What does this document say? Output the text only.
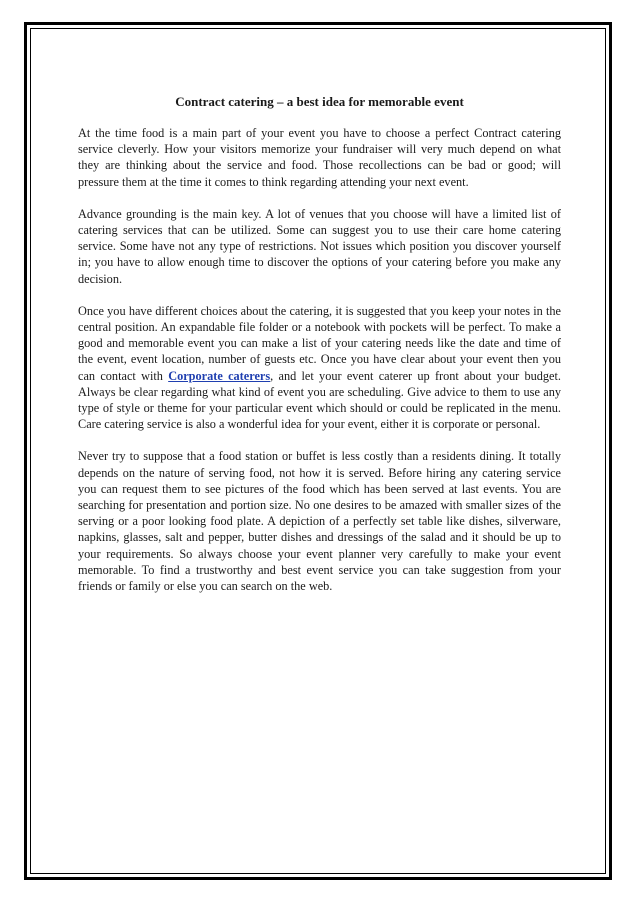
Contract catering – a best idea for memorable event

At the time food is a main part of your event you have to choose a perfect Contract catering service cleverly. How your visitors memorize your fundraiser will very much depend on what they are thinking about the service and food. Those recollections can be bad or good; will pressure them at the time it comes to think regarding attending your next event.

Advance grounding is the main key. A lot of venues that you choose will have a limited list of catering services that can be utilized. Some can suggest you to use their care home catering service. Some have not any type of restrictions. Not issues which position you discover yourself in; you have to allow enough time to discover the options of your catering before you make any decision.

Once you have different choices about the catering, it is suggested that you keep your notes in the central position. An expandable file folder or a notebook with pockets will be perfect. To make a good and memorable event you can make a list of your catering needs like the date and time of the event, event location, number of guests etc. Once you have clear about your event then you can contact with Corporate caterers, and let your event caterer up front about your budget. Always be clear regarding what kind of event you are scheduling. Give advice to them to use any type of style or theme for your particular event which should or could be replicated in the menu. Care catering service is also a wonderful idea for your event, either it is corporate or personal.

Never try to suppose that a food station or buffet is less costly than a residents dining. It totally depends on the nature of serving food, not how it is served. Before hiring any catering service you can request them to see pictures of the food which has been served at last events. You are searching for presentation and portion size. No one desires to be amazed with smaller sizes of the serving or a poor looking food plate. A depiction of a perfectly set table like dishes, silverware, napkins, glasses, salt and pepper, butter dishes and dressings of the salad and it should be up to your requirements. So always choose your event planner very carefully to make your event memorable. To find a trustworthy and best event service you can take suggestion from your friends or family or else you can search on the web.
